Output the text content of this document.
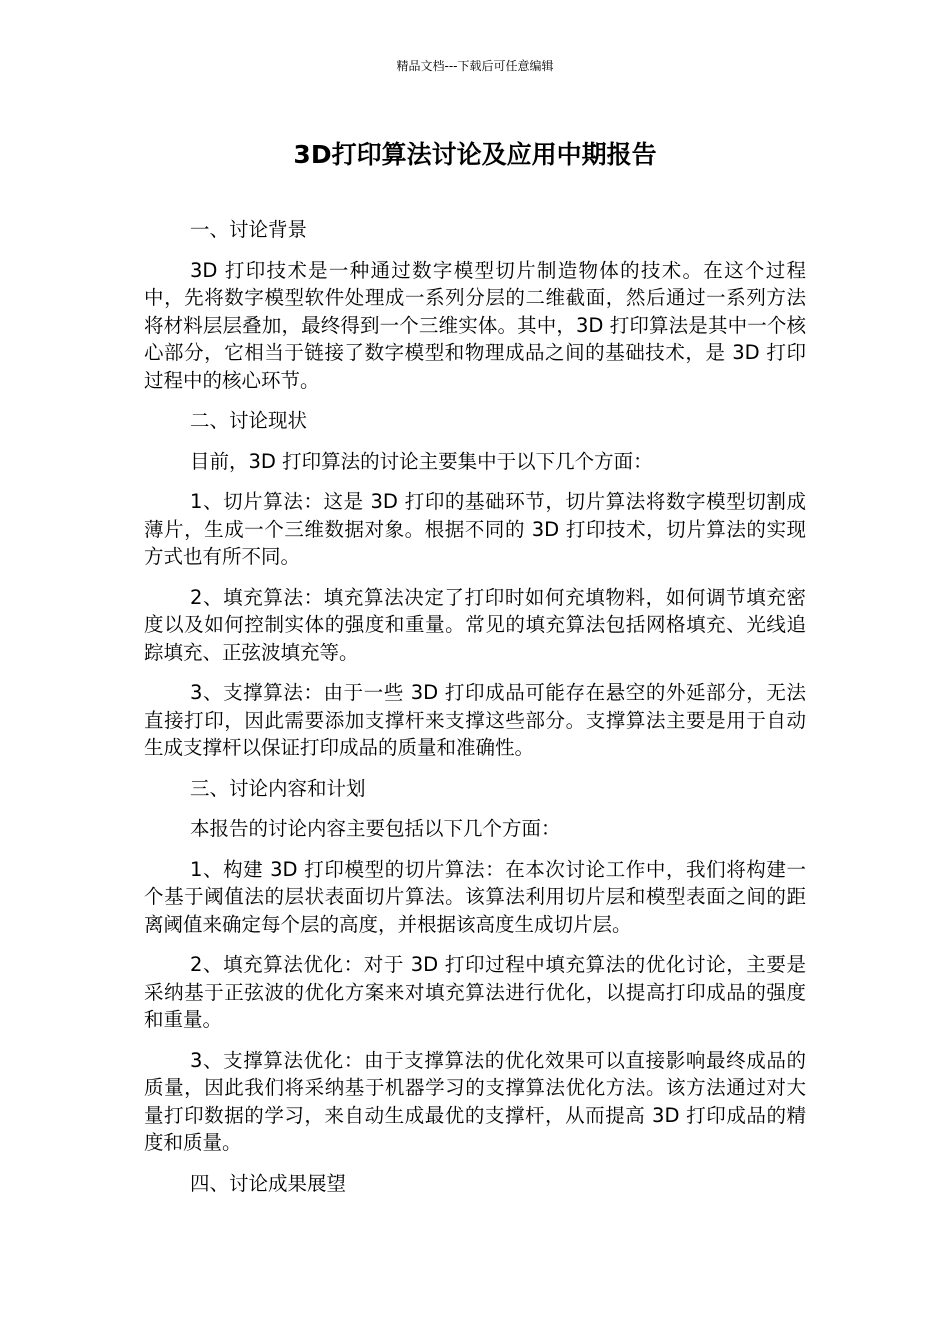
精品文档---下载后可任意编辑
3D打印算法讨论及应用中期报告

一、讨论背景

3D 打印技术是一种通过数字模型切片制造物体的技术。在这个过程中，先将数字模型软件处理成一系列分层的二维截面，然后通过一系列方法将材料层层叠加，最终得到一个三维实体。其中，3D 打印算法是其中一个核心部分，它相当于链接了数字模型和物理成品之间的基础技术，是 3D 打印过程中的核心环节。

二、讨论现状

目前，3D 打印算法的讨论主要集中于以下几个方面：

1、切片算法：这是 3D 打印的基础环节，切片算法将数字模型切割成薄片，生成一个三维数据对象。根据不同的 3D 打印技术，切片算法的实现方式也有所不同。

2、填充算法：填充算法决定了打印时如何充填物料，如何调节填充密度以及如何控制实体的强度和重量。常见的填充算法包括网格填充、光线追踪填充、正弦波填充等。

3、支撑算法：由于一些 3D 打印成品可能存在悬空的外延部分，无法直接打印，因此需要添加支撑杆来支撑这些部分。支撑算法主要是用于自动生成支撑杆以保证打印成品的质量和准确性。

三、讨论内容和计划

本报告的讨论内容主要包括以下几个方面：

1、构建 3D 打印模型的切片算法：在本次讨论工作中，我们将构建一个基于阈值法的层状表面切片算法。该算法利用切片层和模型表面之间的距离阈值来确定每个层的高度，并根据该高度生成切片层。

2、填充算法优化：对于 3D 打印过程中填充算法的优化讨论，主要是采纳基于正弦波的优化方案来对填充算法进行优化，以提高打印成品的强度和重量。

3、支撑算法优化：由于支撑算法的优化效果可以直接影响最终成品的质量，因此我们将采纳基于机器学习的支撑算法优化方法。该方法通过对大量打印数据的学习，来自动生成最优的支撑杆，从而提高 3D 打印成品的精度和质量。

四、讨论成果展望
